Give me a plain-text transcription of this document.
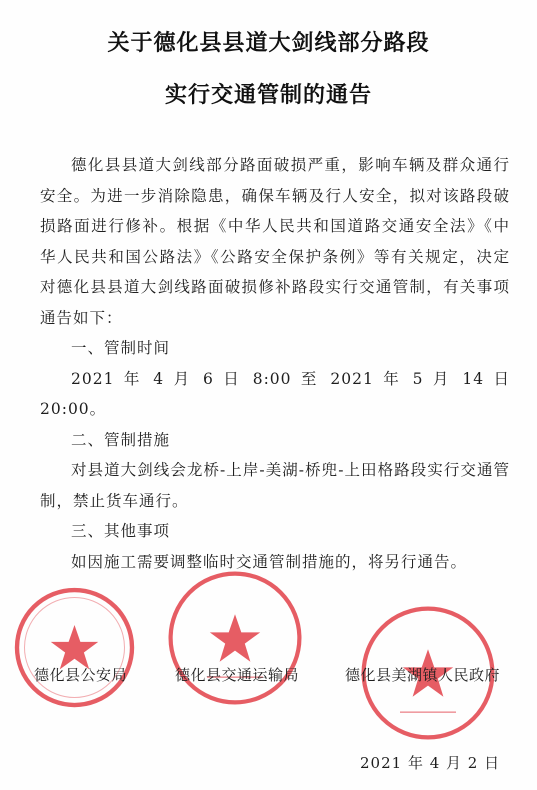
关于德化县县道大剑线部分路段
实行交通管制的通告

德化县县道大剑线部分路面破损严重，影响车辆及群众通行安全。为进一步消除隐患，确保车辆及行人安全，拟对该路段破损路面进行修补。根据《中华人民共和国道路交通安全法》《中华人民共和国公路法》《公路安全保护条例》等有关规定，决定对德化县县道大剑线路面破损修补路段实行交通管制，有关事项通告如下：

一、管制时间

2021 年 4 月 6 日 8:00 至 2021 年 5 月 14 日 20:00。

二、管制措施

对县道大剑线会龙桥-上岸-美湖-桥兜-上田格路段实行交通管制，禁止货车通行。

三、其他事项

如因施工需要调整临时交通管制措施的，将另行通告。

德化县公安局	德化县交通运输局	德化县美湖镇人民政府
2021 年 4 月 2 日
